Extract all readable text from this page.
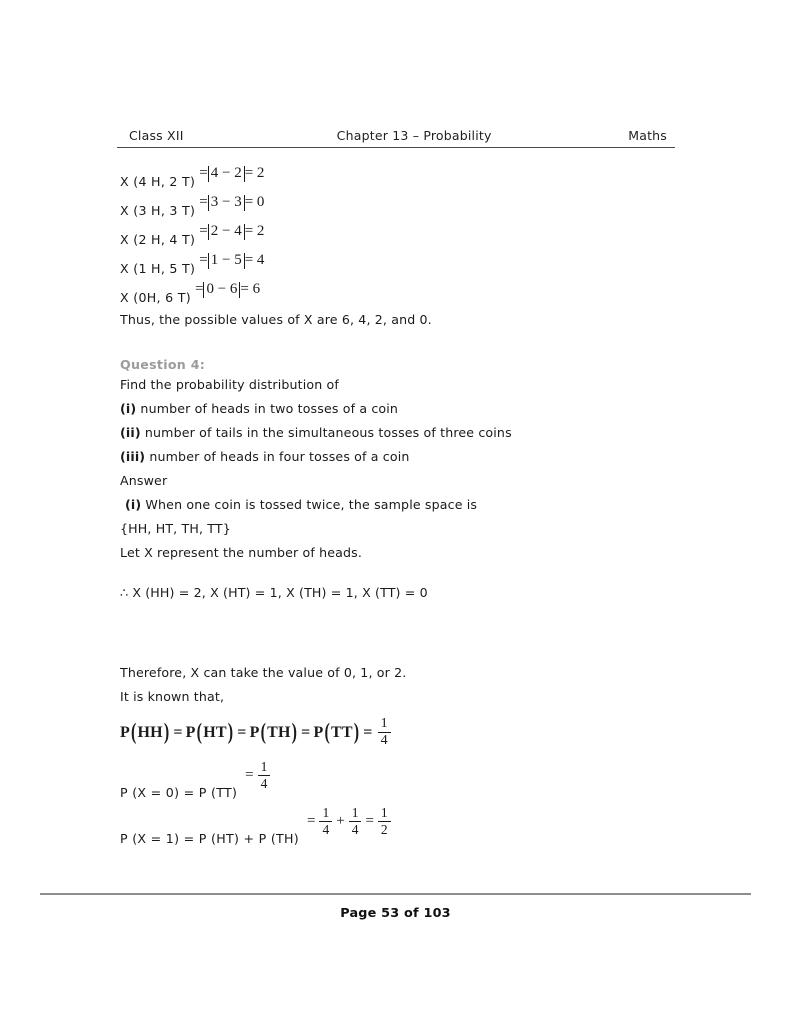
Class XII	Chapter 13 – Probability	Maths
X (4 H, 2 T)
= 4 − 2 = 2
X (3 H, 3 T)
= 3 − 3 = 0
X (2 H, 4 T)
= 2 − 4 = 2
X (1 H, 5 T)
= 1 − 5 = 4
X (0H, 6 T)
= 0 − 6 = 6
Thus, the possible values of X are 6, 4, 2, and 0.
Question 4:
Find the probability distribution of
(i) number of heads in two tosses of a coin
(ii) number of tails in the simultaneous tosses of three coins
(iii) number of heads in four tosses of a coin
Answer
(i) When one coin is tossed twice, the sample space is
{HH, HT, TH, TT}
Let X represent the number of heads.
∴ X (HH) = 2, X (HT) = 1, X (TH) = 1, X (TT) = 0
Therefore, X can take the value of 0, 1, or 2.
It is known that,
P ( HH ) = P ( HT ) = P ( TH ) = P ( TT ) = $\frac{1}{4}$
P (X = 0) = P (TT)
= $\frac{1}{4}$
P (X = 1) = P (HT) + P (TH)
= $\frac{1}{4} + \frac{1}{4} = \frac{1}{2}$
Page 53 of 103
